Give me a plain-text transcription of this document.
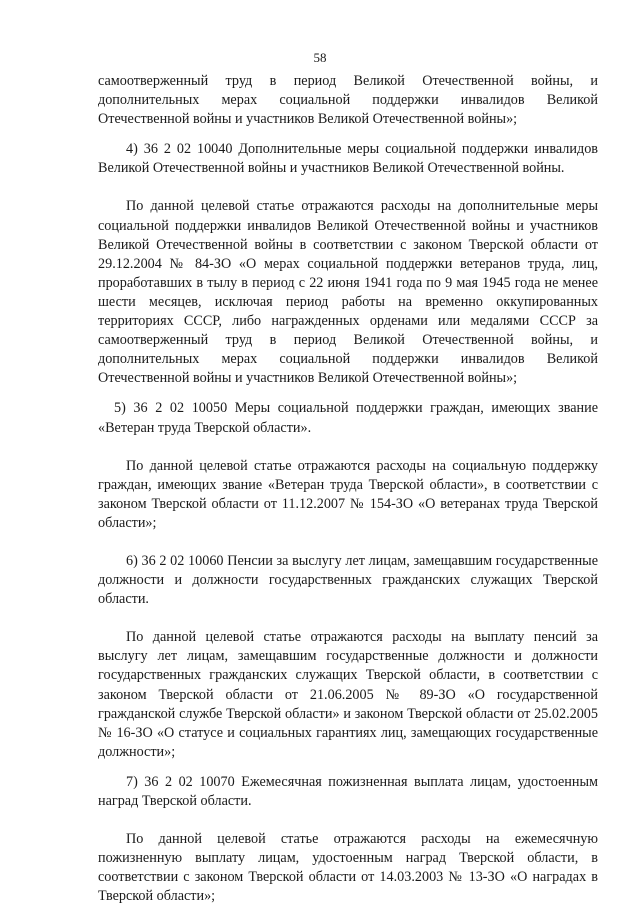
58

самоотверженный труд в период Великой Отечественной войны, и дополнительных мерах социальной поддержки инвалидов Великой Отечественной войны и участников Великой Отечественной войны»;

4) 36 2 02 10040 Дополнительные меры социальной поддержки инвалидов Великой Отечественной войны и участников Великой Отечественной войны.

По данной целевой статье отражаются расходы на дополнительные меры социальной поддержки инвалидов Великой Отечественной войны и участников Великой Отечественной войны в соответствии с законом Тверской области от 29.12.2004 № 84-ЗО «О мерах социальной поддержки ветеранов труда, лиц, проработавших в тылу в период с 22 июня 1941 года по 9 мая 1945 года не менее шести месяцев, исключая период работы на временно оккупированных территориях СССР, либо награжденных орденами или медалями СССР за самоотверженный труд в период Великой Отечественной войны, и дополнительных мерах социальной поддержки инвалидов Великой Отечественной войны и участников Великой Отечественной войны»;

5) 36 2 02 10050 Меры социальной поддержки граждан, имеющих звание «Ветеран труда Тверской области».

По данной целевой статье отражаются расходы на социальную поддержку граждан, имеющих звание «Ветеран труда Тверской области», в соответствии с законом Тверской области от 11.12.2007 № 154-ЗО «О ветеранах труда Тверской области»;

6) 36 2 02 10060 Пенсии за выслугу лет лицам, замещавшим государственные должности и должности государственных гражданских служащих Тверской области.

По данной целевой статье отражаются расходы на выплату пенсий за выслугу лет лицам, замещавшим государственные должности и должности государственных гражданских служащих Тверской области, в соответствии с законом Тверской области от 21.06.2005 № 89-ЗО «О государственной гражданской службе Тверской области» и законом Тверской области от 25.02.2005 № 16-ЗО «О статусе и социальных гарантиях лиц, замещающих государственные должности»;

7) 36 2 02 10070 Ежемесячная пожизненная выплата лицам, удостоенным наград Тверской области.

По данной целевой статье отражаются расходы на ежемесячную пожизненную выплату лицам, удостоенным наград Тверской области, в соответствии с законом Тверской области от 14.03.2003 № 13-ЗО «О наградах в Тверской области»;
